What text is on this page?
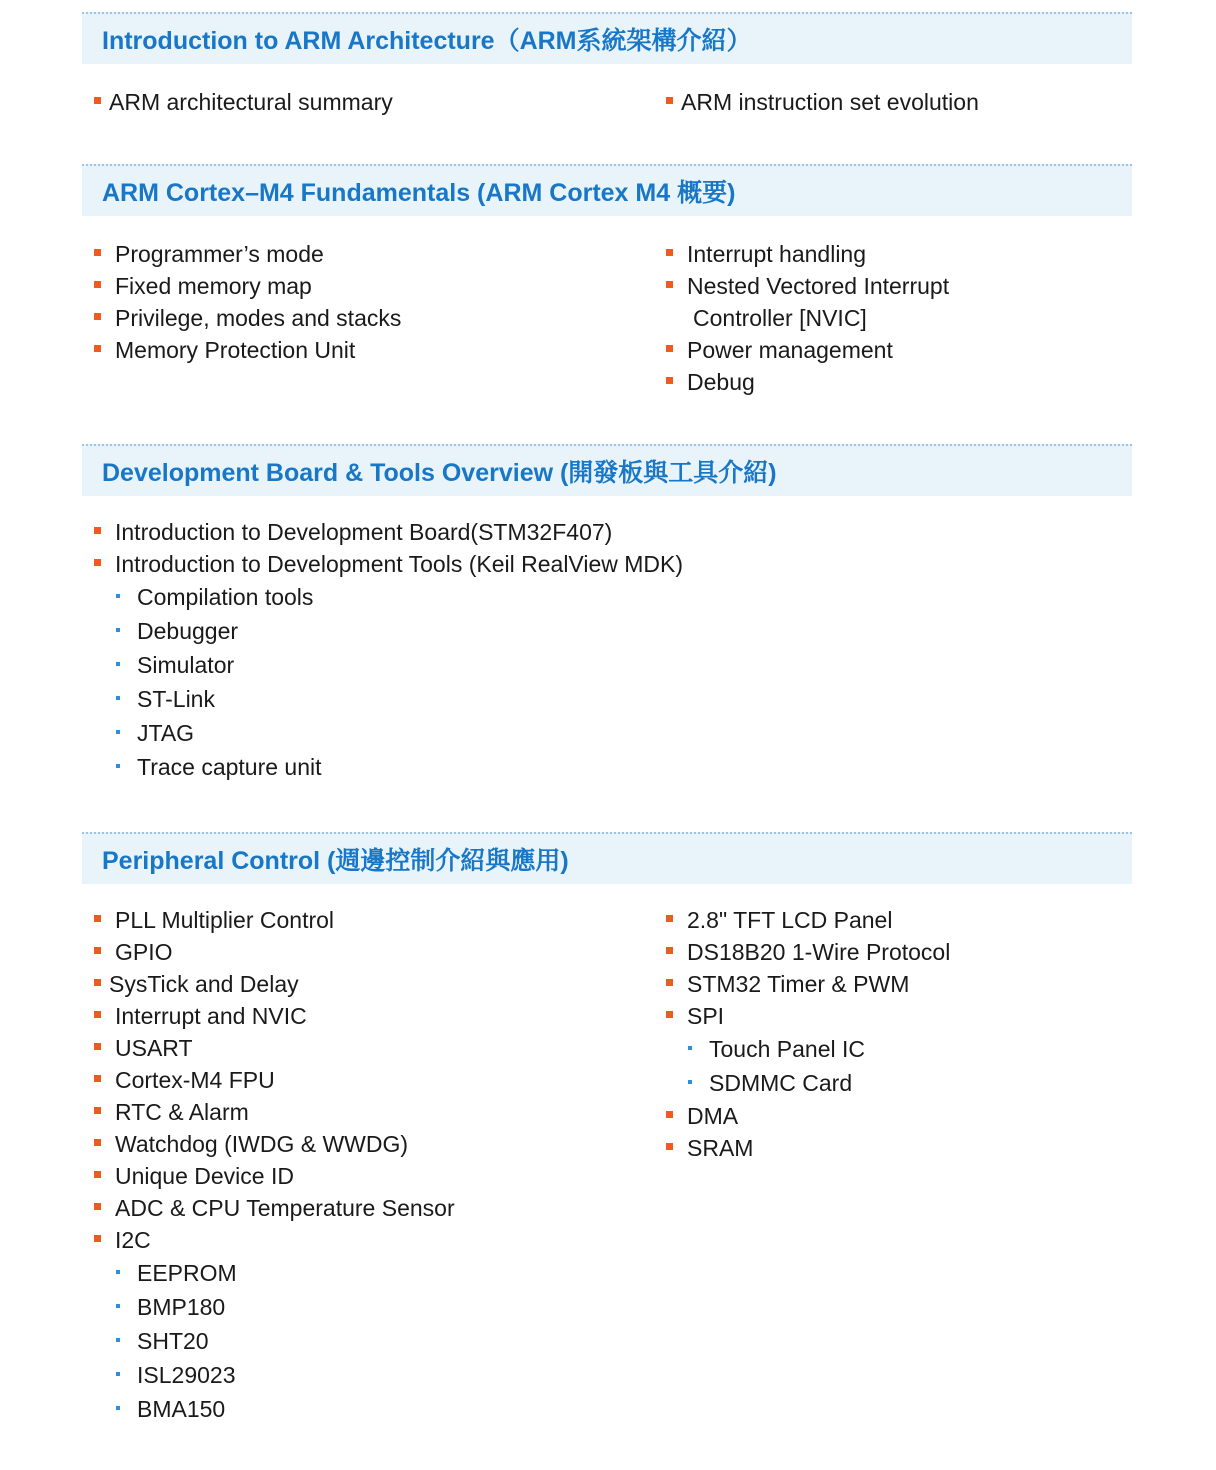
Introduction to ARM Architecture（ARM系統架構介紹）
ARM architectural summary	ARM instruction set evolution
ARM Cortex–M4 Fundamentals (ARM Cortex M4 概要)
Programmer’s mode
Fixed memory map
Privilege, modes and stacks
Memory Protection Unit
Interrupt handling
Nested Vectored Interrupt
Controller [NVIC]
Power management
Debug
Development Board & Tools Overview (開發板與工具介紹)
Introduction to Development Board(STM32F407)
Introduction to Development Tools (Keil RealView MDK)
Compilation tools
Debugger
Simulator
ST-Link
JTAG
Trace capture unit
Peripheral Control (週邊控制介紹與應用)
PLL Multiplier Control
GPIO
SysTick and Delay
Interrupt and NVIC
USART
Cortex-M4 FPU
RTC & Alarm
Watchdog (IWDG & WWDG)
Unique Device ID
ADC & CPU Temperature Sensor
I2C
EEPROM
BMP180
SHT20
ISL29023
BMA150
2.8" TFT LCD Panel
DS18B20 1-Wire Protocol
STM32 Timer & PWM
SPI
Touch Panel IC
SDMMC Card
DMA
SRAM
